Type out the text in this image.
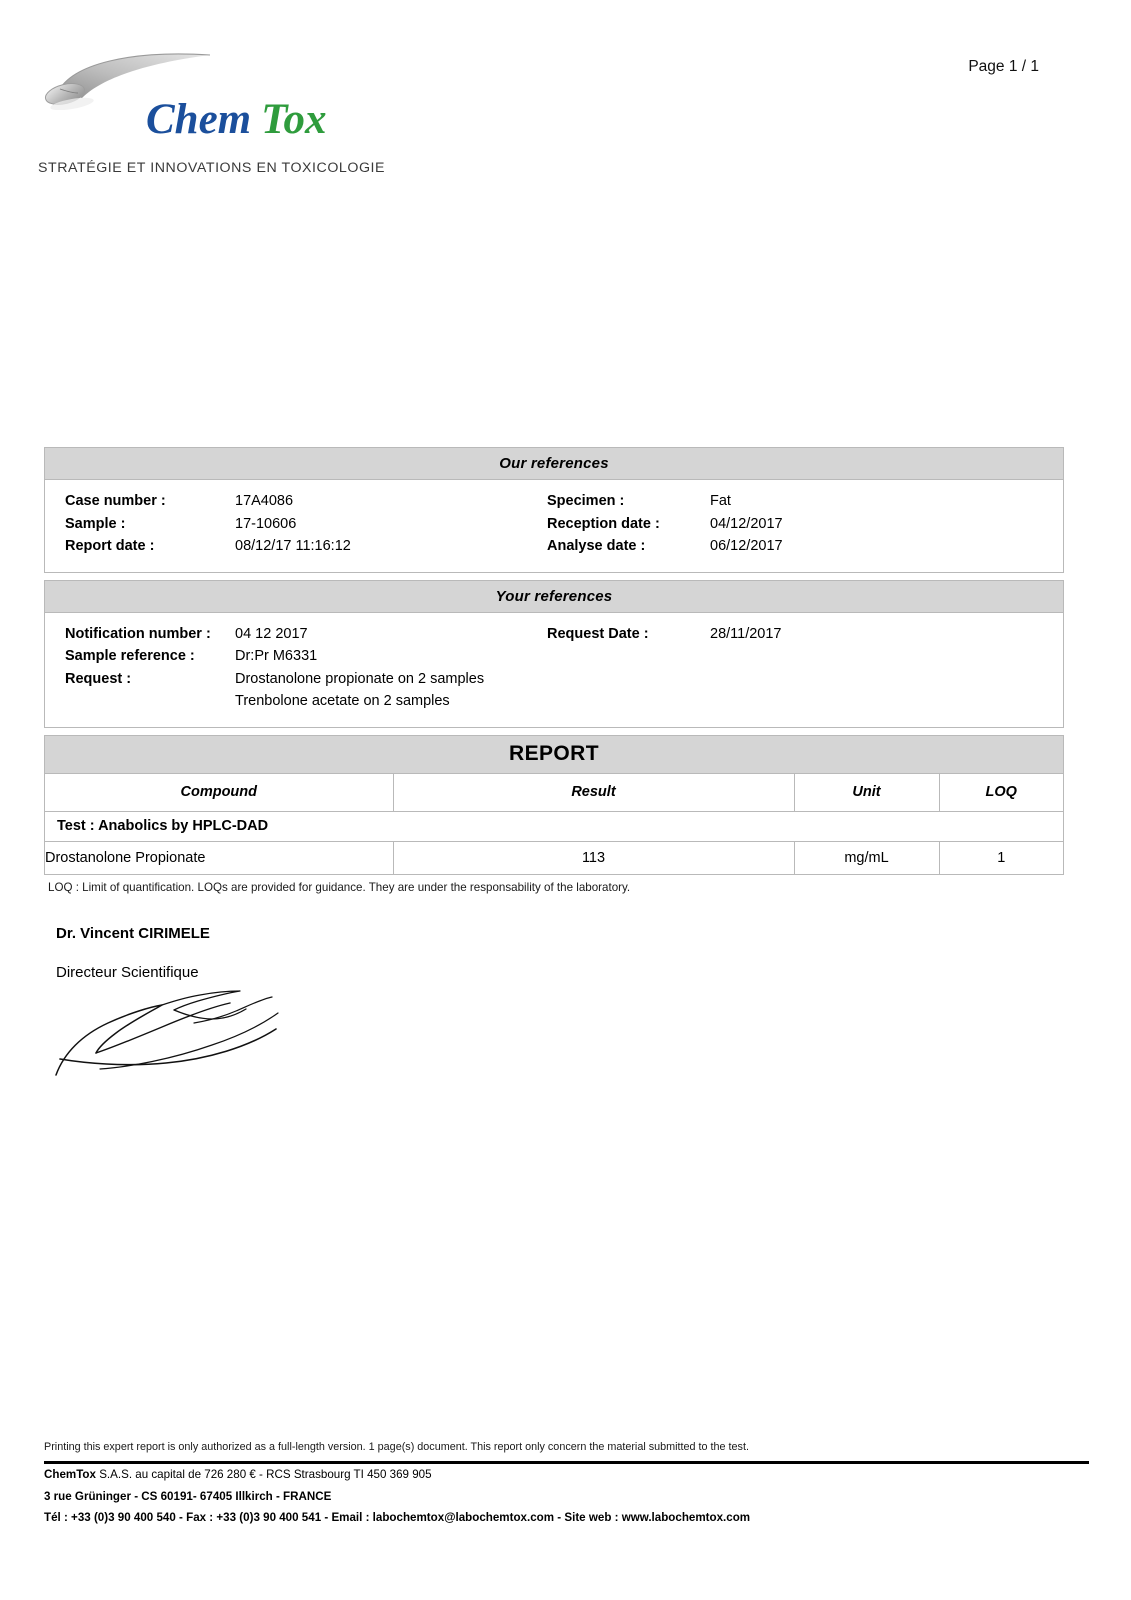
Chem Tox
STRATÉGIE ET INNOVATIONS EN TOXICOLOGIE
Page 1 / 1
Our references
Case number :	17A4086	Specimen :	Fat
Sample :	17-10606	Reception date :	04/12/2017
Report date :	08/12/17 11:16:12	Analyse date :	06/12/2017
Your references
Notification number :	04 12 2017	Request Date :	28/11/2017
Sample reference :	Dr:Pr M6331
Request :	Drostanolone propionate on 2 samples
Trenbolone acetate on 2 samples
REPORT
Compound	Result	Unit	LOQ
Test : Anabolics by HPLC-DAD			
Drostanolone Propionate	113	mg/mL	1
LOQ : Limit of quantification. LOQs are provided for guidance. They are under the responsability of the laboratory.
Dr. Vincent CIRIMELE
Directeur Scientifique
Printing this expert report is only authorized as a full-length version. 1 page(s) document. This report only concern the material submitted to the test.
ChemTox S.A.S. au capital de 726 280 € - RCS Strasbourg TI 450 369 905
3 rue Grüninger - CS 60191- 67405 Illkirch - FRANCE
Tél : +33 (0)3 90 400 540 - Fax : +33 (0)3 90 400 541 - Email : labochemtox@labochemtox.com - Site web : www.labochemtox.com
